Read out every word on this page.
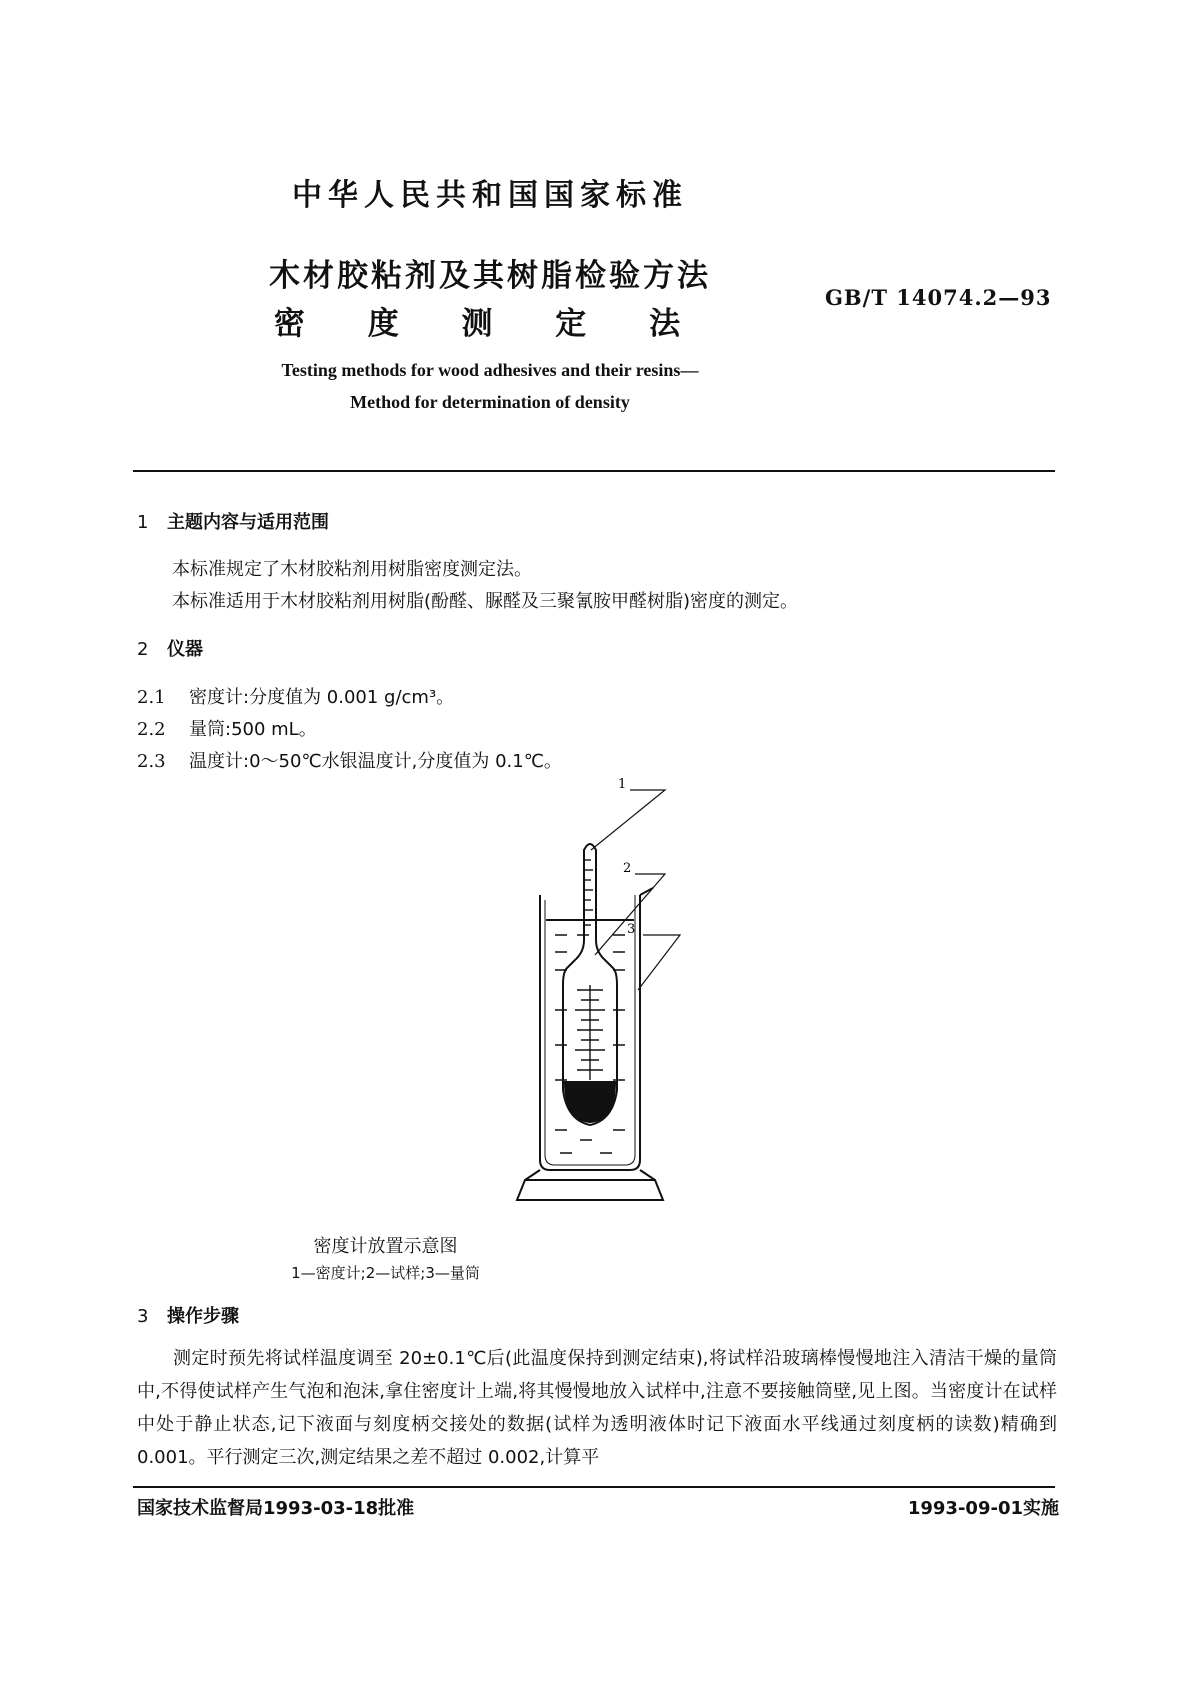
中华人民共和国国家标准
木材胶粘剂及其树脂检验方法
密 度 测 定 法
GB/T 14074.2—93
Testing methods for wood adhesives and their resins—
Method for determination of density
1 主题内容与适用范围
本标准规定了木材胶粘剂用树脂密度测定法。
本标准适用于木材胶粘剂用树脂(酚醛、脲醛及三聚氰胺甲醛树脂)密度的测定。
2 仪器
2.1 密度计:分度值为 0.001 g/cm³。
2.2 量筒:500 mL。
2.3 温度计:0～50℃水银温度计,分度值为 0.1℃。
1
2
3
密度计放置示意图
1—密度计;2—试样;3—量筒
3 操作步骤
测定时预先将试样温度调至 20±0.1℃后(此温度保持到测定结束),将试样沿玻璃棒慢慢地注入清洁干燥的量筒中,不得使试样产生气泡和泡沫,拿住密度计上端,将其慢慢地放入试样中,注意不要接触筒壁,见上图。当密度计在试样中处于静止状态,记下液面与刻度柄交接处的数据(试样为透明液体时记下液面水平线通过刻度柄的读数)精确到 0.001。平行测定三次,测定结果之差不超过 0.002,计算平
国家技术监督局1993-03-18批准	1993-09-01实施
